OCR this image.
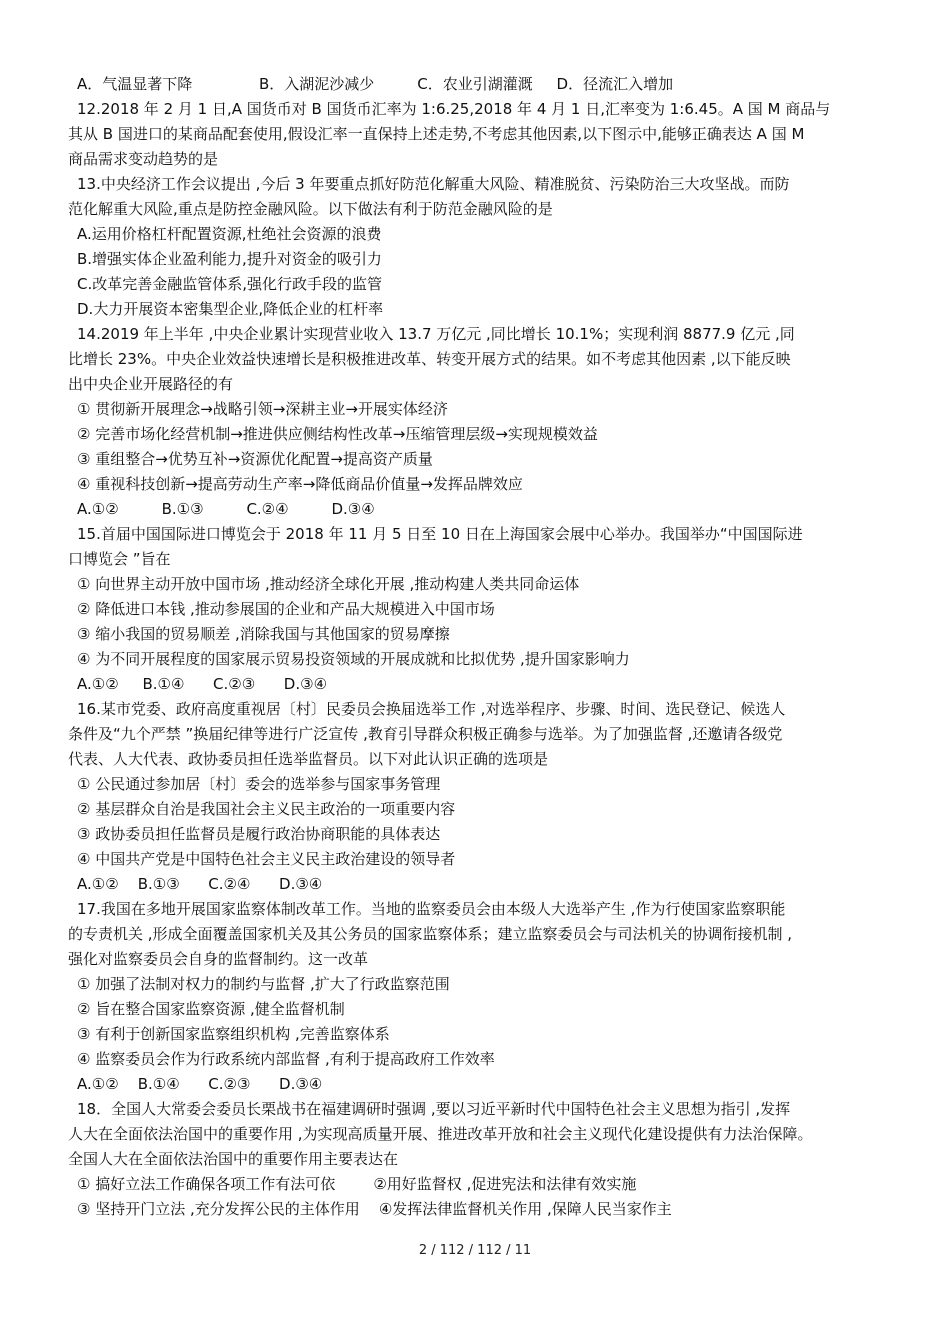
A．气温显著下降              B．入湖泥沙减少         C．农业引湖灌溉     D．径流汇入增加
12.2018 年 2 月 1 日,A 国货币对 B 国货币汇率为 1:6.25,2018 年 4 月 1 日,汇率变为 1:6.45。A 国 M 商品与
其从 B 国进口的某商品配套使用,假设汇率一直保持上述走势,不考虑其他因素,以下图示中,能够正确表达 A 国 M
商品需求变动趋势的是
13.中央经济工作会议提出 ,今后 3 年要重点抓好防范化解重大风险、精准脱贫、污染防治三大攻坚战。而防
范化解重大风险,重点是防控金融风险。以下做法有利于防范金融风险的是
A.运用价格杠杆配置资源,杜绝社会资源的浪费
B.增强实体企业盈利能力,提升对资金的吸引力
C.改革完善金融监管体系,强化行政手段的监管
D.大力开展资本密集型企业,降低企业的杠杆率
14.2019 年上半年 ,中央企业累计实现营业收入 13.7 万亿元 ,同比增长 10.1%；实现利润 8877.9 亿元 ,同
比增长 23%。中央企业效益快速增长是积极推进改革、转变开展方式的结果。如不考虑其他因素 ,以下能反映
出中央企业开展路径的有
① 贯彻新开展理念→战略引领→深耕主业→开展实体经济
② 完善市场化经营机制→推进供应侧结构性改革→压缩管理层级→实现规模效益
③ 重组整合→优势互补→资源优化配置→提高资产质量
④ 重视科技创新→提高劳动生产率→降低商品价值量→发挥品牌效应
A.①②         B.①③         C.②④         D.③④
15.首届中国国际进口博览会于 2018 年 11 月 5 日至 10 日在上海国家会展中心举办。我国举办“中国国际进
口博览会 ”旨在
① 向世界主动开放中国市场 ,推动经济全球化开展 ,推动构建人类共同命运体
② 降低进口本钱 ,推动参展国的企业和产品大规模进入中国市场
③ 缩小我国的贸易顺差 ,消除我国与其他国家的贸易摩擦
④ 为不同开展程度的国家展示贸易投资领域的开展成就和比拟优势 ,提升国家影响力
A.①②     B.①④      C.②③      D.③④
16.某市党委、政府高度重视居〔村〕民委员会换届选举工作 ,对选举程序、步骤、时间、选民登记、候选人
条件及“九个严禁 ”换届纪律等进行广泛宣传 ,教育引导群众积极正确参与选举。为了加强监督 ,还邀请各级党
代表、人大代表、政协委员担任选举监督员。以下对此认识正确的选项是
① 公民通过参加居〔村〕委会的选举参与国家事务管理
② 基层群众自治是我国社会主义民主政治的一项重要内容
③ 政协委员担任监督员是履行政治协商职能的具体表达
④ 中国共产党是中国特色社会主义民主政治建设的领导者
A.①②    B.①③      C.②④      D.③④
17.我国在多地开展国家监察体制改革工作。当地的监察委员会由本级人大选举产生 ,作为行使国家监察职能
的专责机关 ,形成全面覆盖国家机关及其公务员的国家监察体系；建立监察委员会与司法机关的协调衔接机制 ,
强化对监察委员会自身的监督制约。这一改革
① 加强了法制对权力的制约与监督 ,扩大了行政监察范围
② 旨在整合国家监察资源 ,健全监督机制
③ 有利于创新国家监察组织机构 ,完善监察体系
④ 监察委员会作为行政系统内部监督 ,有利于提高政府工作效率
A.①②    B.①④      C.②③      D.③④
18．全国人大常委会委员长栗战书在福建调研时强调 ,要以习近平新时代中国特色社会主义思想为指引 ,发挥
人大在全面依法治国中的重要作用 ,为实现高质量开展、推进改革开放和社会主义现代化建设提供有力法治保障。
全国人大在全面依法治国中的重要作用主要表达在
① 搞好立法工作确保各项工作有法可依        ②用好监督权 ,促进宪法和法律有效实施
③ 坚持开门立法 ,充分发挥公民的主体作用    ④发挥法律监督机关作用 ,保障人民当家作主
2 / 112 / 112 / 11
